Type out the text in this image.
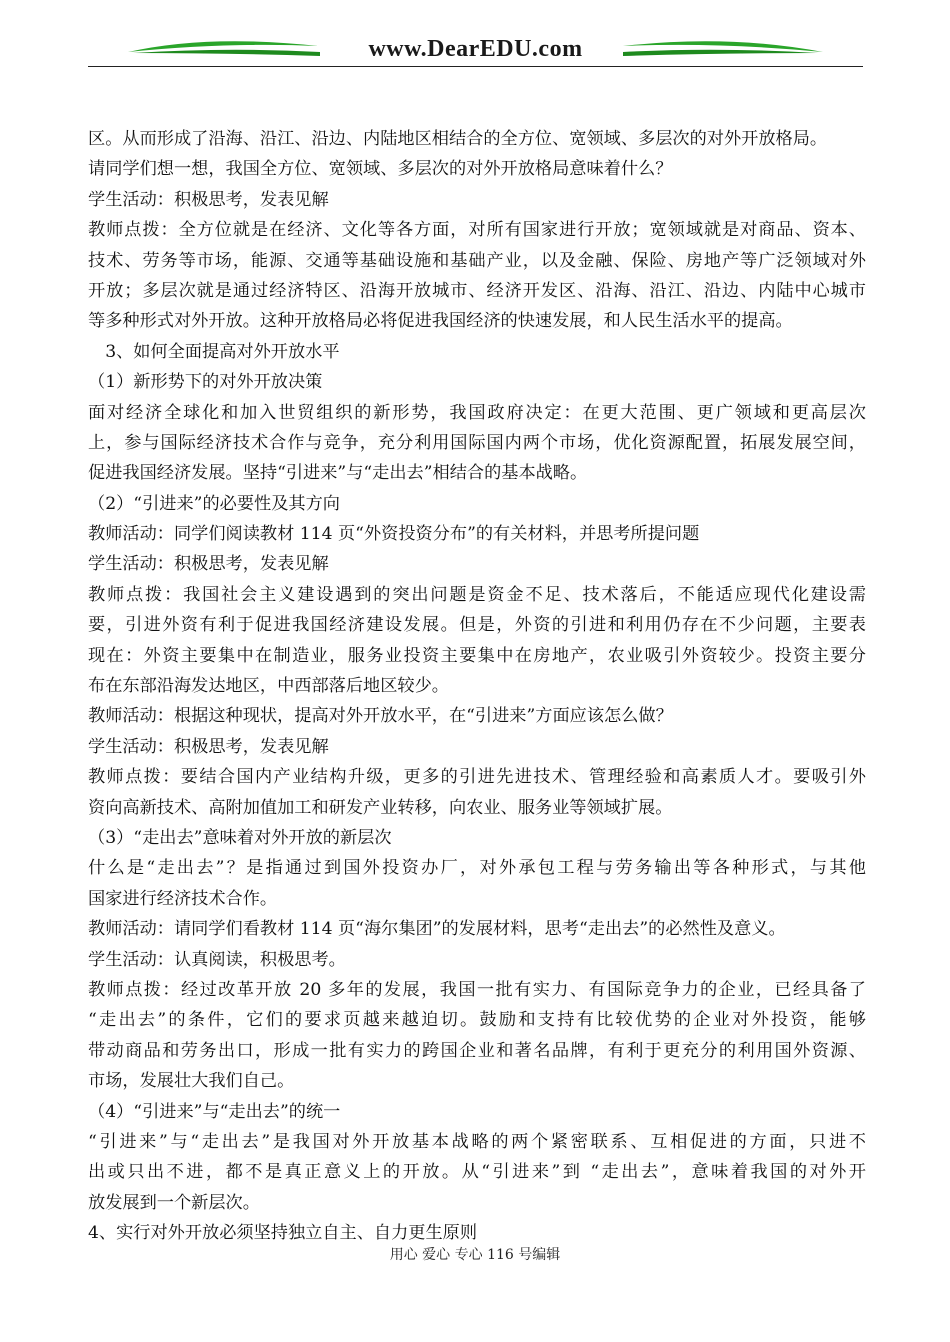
www.DearEDU.com
区。从而形成了沿海、沿江、沿边、内陆地区相结合的全方位、宽领域、多层次的对外开放格局。
请同学们想一想，我国全方位、宽领域、多层次的对外开放格局意味着什么？
学生活动：积极思考，发表见解
教师点拨：全方位就是在经济、文化等各方面，对所有国家进行开放；宽领域就是对商品、资本、
技术、劳务等市场，能源、交通等基础设施和基础产业，以及金融、保险、房地产等广泛领域对外
开放；多层次就是通过经济特区、沿海开放城市、经济开发区、沿海、沿江、沿边、内陆中心城市
等多种形式对外开放。这种开放格局必将促进我国经济的快速发展，和人民生活水平的提高。
　3、如何全面提高对外开放水平
（1）新形势下的对外开放决策
面对经济全球化和加入世贸组织的新形势，我国政府决定：在更大范围、更广领域和更高层次
上，参与国际经济技术合作与竞争，充分利用国际国内两个市场，优化资源配置，拓展发展空间，
促进我国经济发展。坚持“引进来”与“走出去”相结合的基本战略。
（2）“引进来”的必要性及其方向
教师活动：同学们阅读教材 114 页“外资投资分布”的有关材料，并思考所提问题
学生活动：积极思考，发表见解
教师点拨：我国社会主义建设遇到的突出问题是资金不足、技术落后，不能适应现代化建设需
要，引进外资有利于促进我国经济建设发展。但是，外资的引进和利用仍存在不少问题，主要表
现在：外资主要集中在制造业，服务业投资主要集中在房地产，农业吸引外资较少。投资主要分
布在东部沿海发达地区，中西部落后地区较少。
教师活动：根据这种现状，提高对外开放水平，在“引进来”方面应该怎么做？
学生活动：积极思考，发表见解
教师点拨：要结合国内产业结构升级，更多的引进先进技术、管理经验和高素质人才。要吸引外
资向高新技术、高附加值加工和研发产业转移，向农业、服务业等领域扩展。
（3）“走出去”意味着对外开放的新层次
什么是“走出去”？是指通过到国外投资办厂，对外承包工程与劳务输出等各种形式，与其他
国家进行经济技术合作。
教师活动：请同学们看教材 114 页“海尔集团”的发展材料，思考“走出去”的必然性及意义。
学生活动：认真阅读，积极思考。
教师点拨：经过改革开放 20 多年的发展，我国一批有实力、有国际竞争力的企业，已经具备了
“走出去”的条件，它们的要求页越来越迫切。鼓励和支持有比较优势的企业对外投资，能够
带动商品和劳务出口，形成一批有实力的跨国企业和著名品牌，有利于更充分的利用国外资源、
市场，发展壮大我们自己。
（4）“引进来”与“走出去”的统一
“引进来”与“走出去”是我国对外开放基本战略的两个紧密联系、互相促进的方面，只进不
出或只出不进，都不是真正意义上的开放。从“引进来”到 “走出去”，意味着我国的对外开
放发展到一个新层次。
4、实行对外开放必须坚持独立自主、自力更生原则
用心 爱心 专心 116 号编辑
